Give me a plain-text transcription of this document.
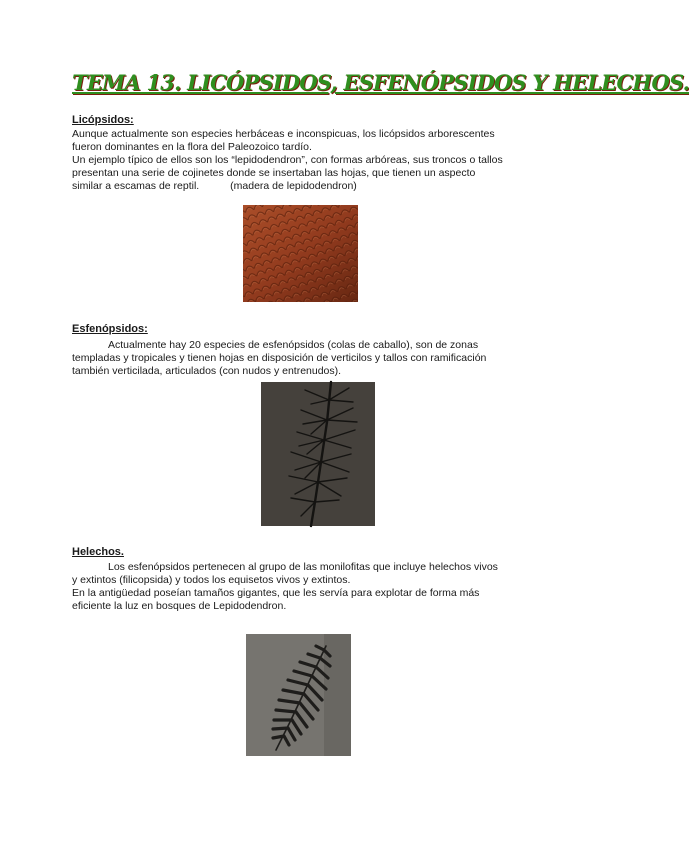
TEMA 13. LICÓPSIDOS, ESFENÓPSIDOS Y HELECHOS.
Licópsidos:
Aunque actualmente son especies herbáceas e inconspicuas, los licópsidos arborescentes
fueron dominantes en la flora del Paleozoico tardío.
Un ejemplo típico de ellos son los “lepidodendron”, con formas arbóreas, sus troncos o tallos
presentan una serie de cojinetes donde se insertaban las hojas, que tienen un aspecto
similar a escamas de reptil.	(madera de lepidodendron)
Esfenópsidos:
Actualmente hay 20 especies de esfenópsidos (colas de caballo), son de zonas
templadas y tropicales y tienen hojas en disposición de verticilos y tallos con ramificación
también verticilada, articulados (con nudos y entrenudos).
Helechos.
Los esfenópsidos pertenecen al grupo de las monilofitas que incluye helechos vivos
y extintos (filicopsida) y todos los equisetos vivos y extintos.
En la antigüedad poseían tamaños gigantes, que les servía para explotar de forma más
eficiente la luz en bosques de Lepidodendron.
